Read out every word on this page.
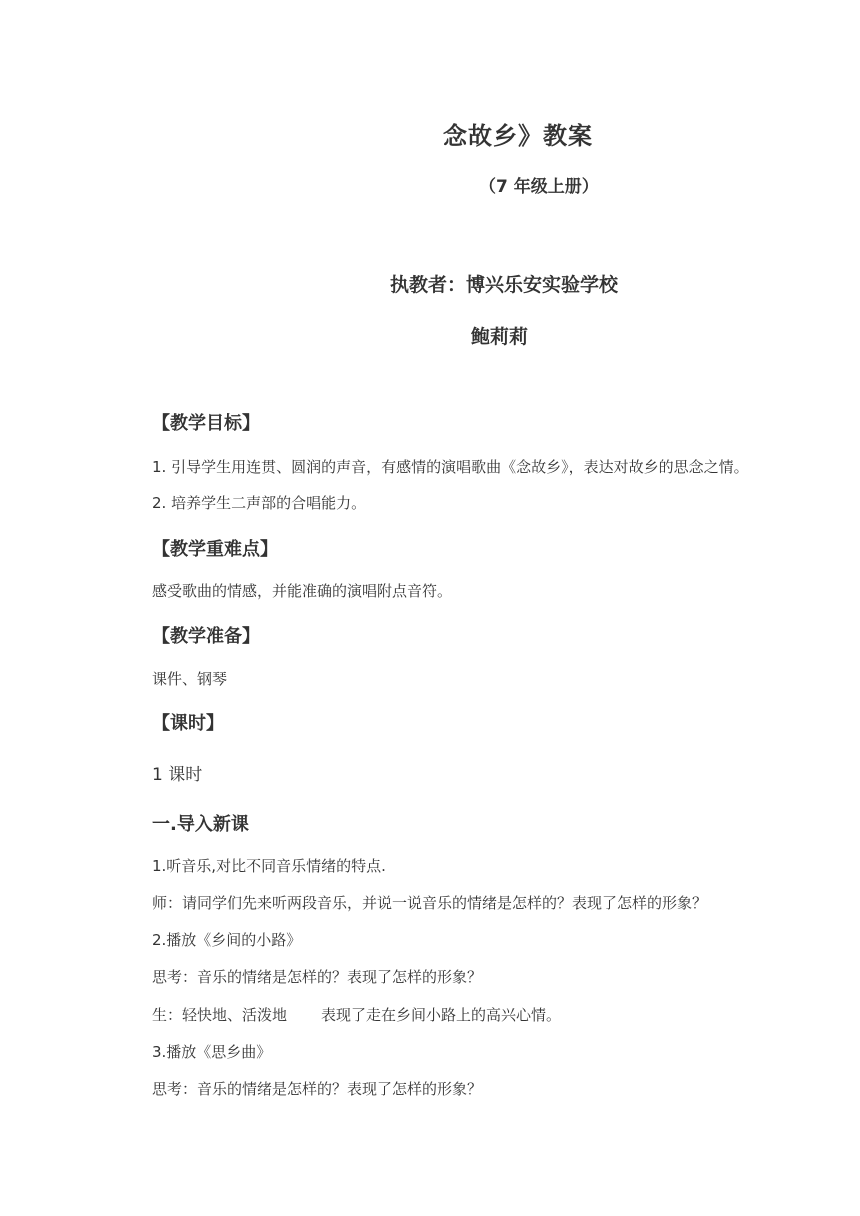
念故乡》教案
（7 年级上册）
执教者：博兴乐安实验学校
鲍莉莉
【教学目标】
1. 引导学生用连贯、圆润的声音，有感情的演唱歌曲《念故乡》，表达对故乡的思念之情。
2. 培养学生二声部的合唱能力。
【教学重难点】
感受歌曲的情感，并能准确的演唱附点音符。
【教学准备】
课件、钢琴
【课时】
1 课时
一.导入新课
1.听音乐,对比不同音乐情绪的特点.
师：请同学们先来听两段音乐，并说一说音乐的情绪是怎样的？表现了怎样的形象？
2.播放《乡间的小路》
思考：音乐的情绪是怎样的？表现了怎样的形象？
生：轻快地、活泼地 表现了走在乡间小路上的高兴心情。
3.播放《思乡曲》
思考：音乐的情绪是怎样的？表现了怎样的形象？
